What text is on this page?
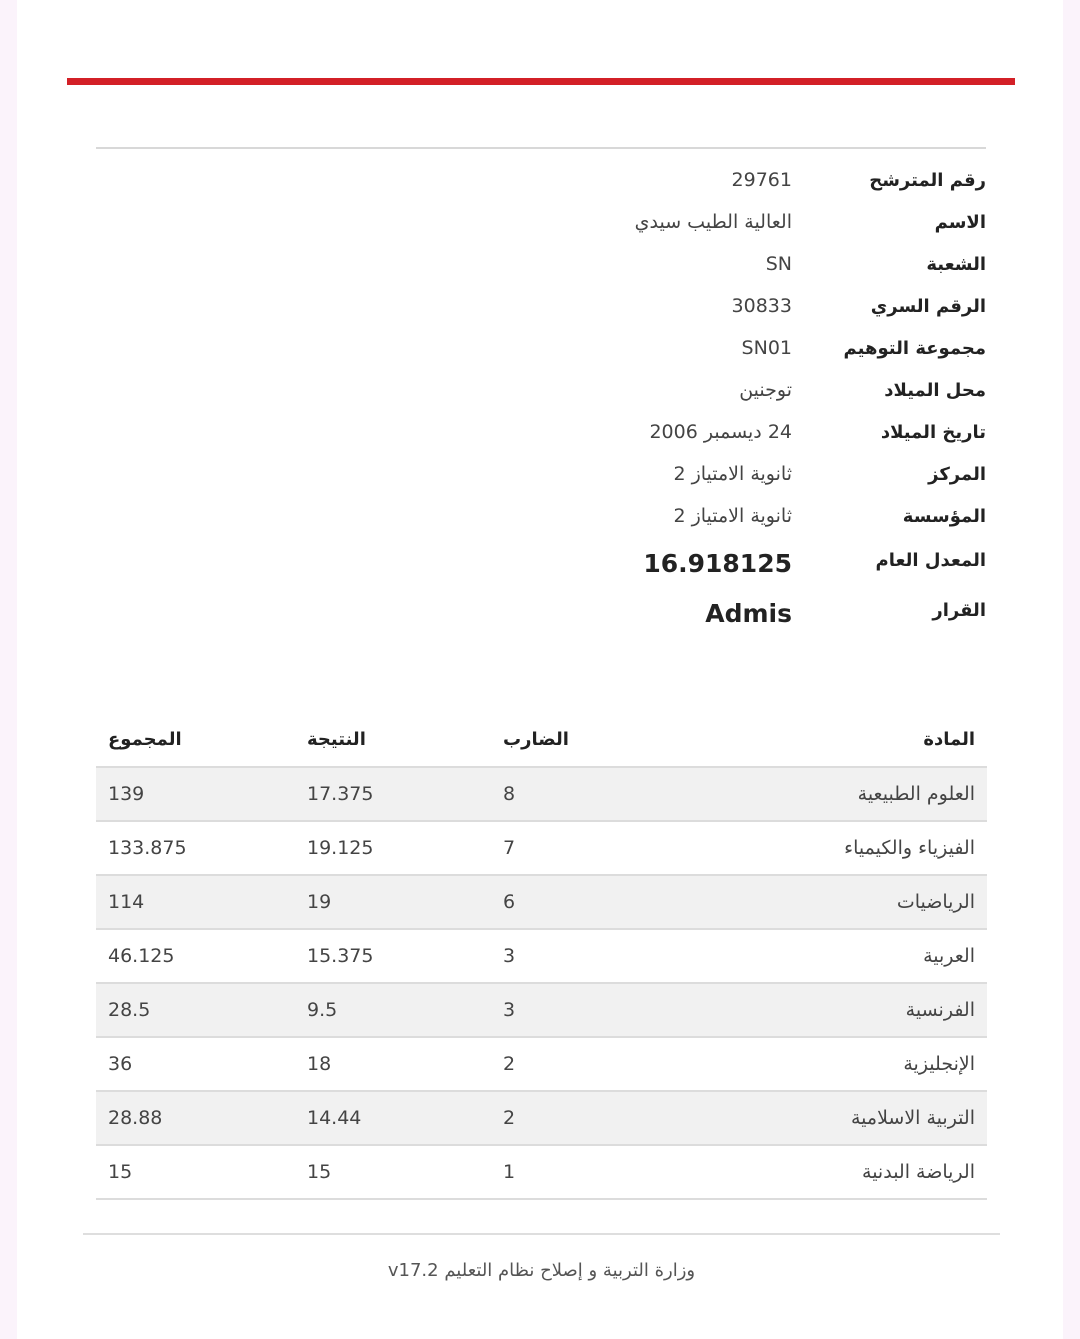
رقم المترشح
29761
الاسم
العالية الطيب سيدي
الشعبة
SN
الرقم السري
30833
مجموعة التوهيم
SN01
محل الميلاد
توجنين
تاريخ الميلاد
24 ديسمبر 2006
المركز
ثانوية الامتياز 2
المؤسسة
ثانوية الامتياز 2
المعدل العام
16.918125
القرار
Admis
المادة	الضارب	النتيجة	المجموع
العلوم الطبيعية	8	17.375	139
الفيزياء والكيمياء	7	19.125	133.875
الرياضيات	6	19	114
العربية	3	15.375	46.125
الفرنسية	3	9.5	28.5
الإنجليزية	2	18	36
التربية الاسلامية	2	14.44	28.88
الرياضة البدنية	1	15	15
وزارة التربية و إصلاح نظام التعليم v17.2
